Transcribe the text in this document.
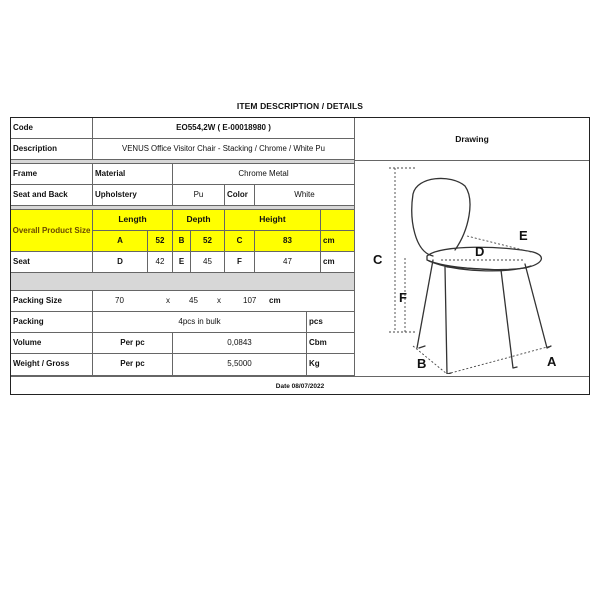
ITEM DESCRIPTION / DETAILS
Code	EO554,2W ( E-00018980 )
Description	VENUS Office Visitor Chair - Stacking / Chrome / White Pu
Frame	Material	Chrome Metal
Seat and Back	Upholstery	Pu	Color	White
Overall Product Size
Length	Depth	Height
A	52	B	52	C	83	cm
Seat	D	42	E	45	F	47	cm
Packing Size	70	x 45 x	107 cm
Packing	4pcs in bulk	pcs
Volume	Per pc	0,0843	Cbm
Weight / Gross	Per pc	5,5000	Kg
Drawing
C
F
E
D
B	A
Date 08/07/2022
